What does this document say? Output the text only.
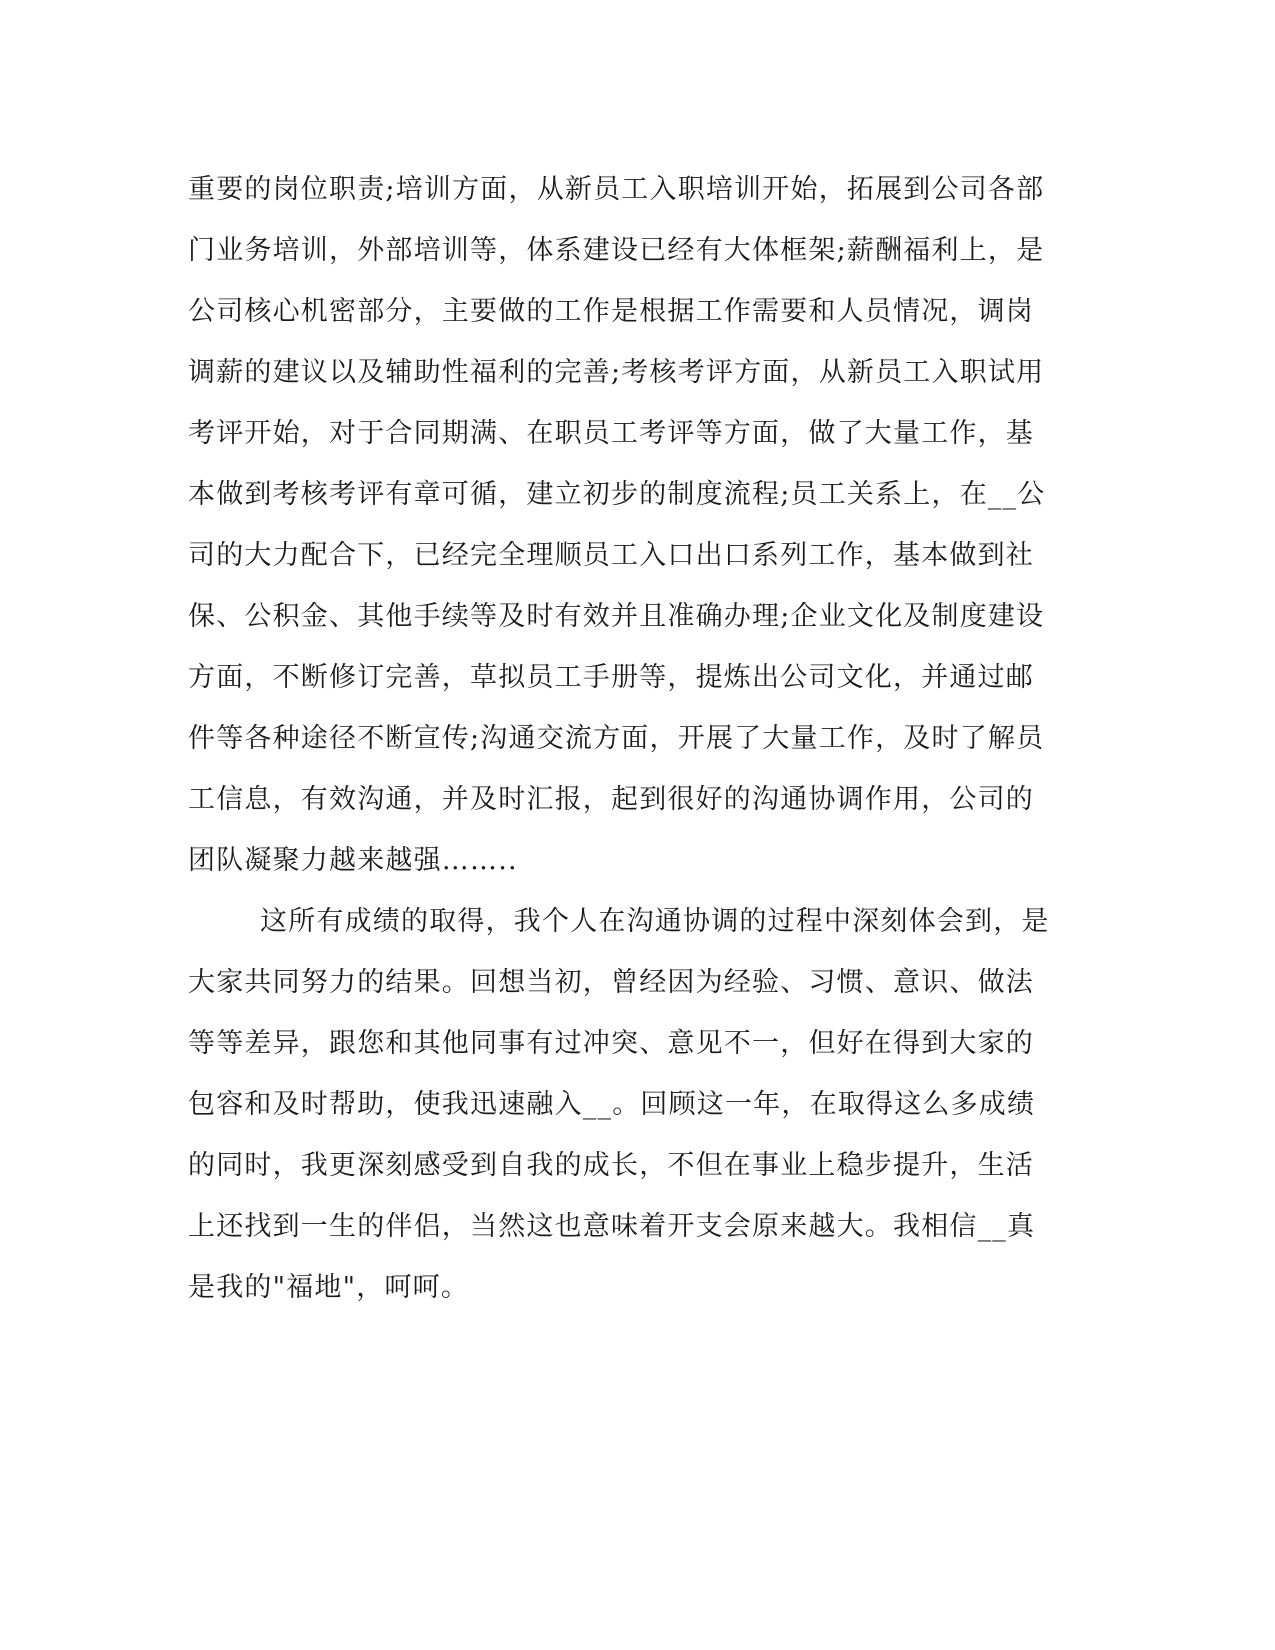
重要的岗位职责;培训方面，从新员工入职培训开始，拓展到公司各部
门业务培训，外部培训等，体系建设已经有大体框架;薪酬福利上，是
公司核心机密部分，主要做的工作是根据工作需要和人员情况，调岗
调薪的建议以及辅助性福利的完善;考核考评方面，从新员工入职试用
考评开始，对于合同期满、在职员工考评等方面，做了大量工作，基
本做到考核考评有章可循，建立初步的制度流程;员工关系上，在__公
司的大力配合下，已经完全理顺员工入口出口系列工作，基本做到社
保、公积金、其他手续等及时有效并且准确办理;企业文化及制度建设
方面，不断修订完善，草拟员工手册等，提炼出公司文化，并通过邮
件等各种途径不断宣传;沟通交流方面，开展了大量工作，及时了解员
工信息，有效沟通，并及时汇报，起到很好的沟通协调作用，公司的
团队凝聚力越来越强……..
这所有成绩的取得，我个人在沟通协调的过程中深刻体会到，是
大家共同努力的结果。回想当初，曾经因为经验、习惯、意识、做法
等等差异，跟您和其他同事有过冲突、意见不一，但好在得到大家的
包容和及时帮助，使我迅速融入__。回顾这一年，在取得这么多成绩
的同时，我更深刻感受到自我的成长，不但在事业上稳步提升，生活
上还找到一生的伴侣，当然这也意味着开支会原来越大。我相信__真
是我的"福地"，呵呵。
